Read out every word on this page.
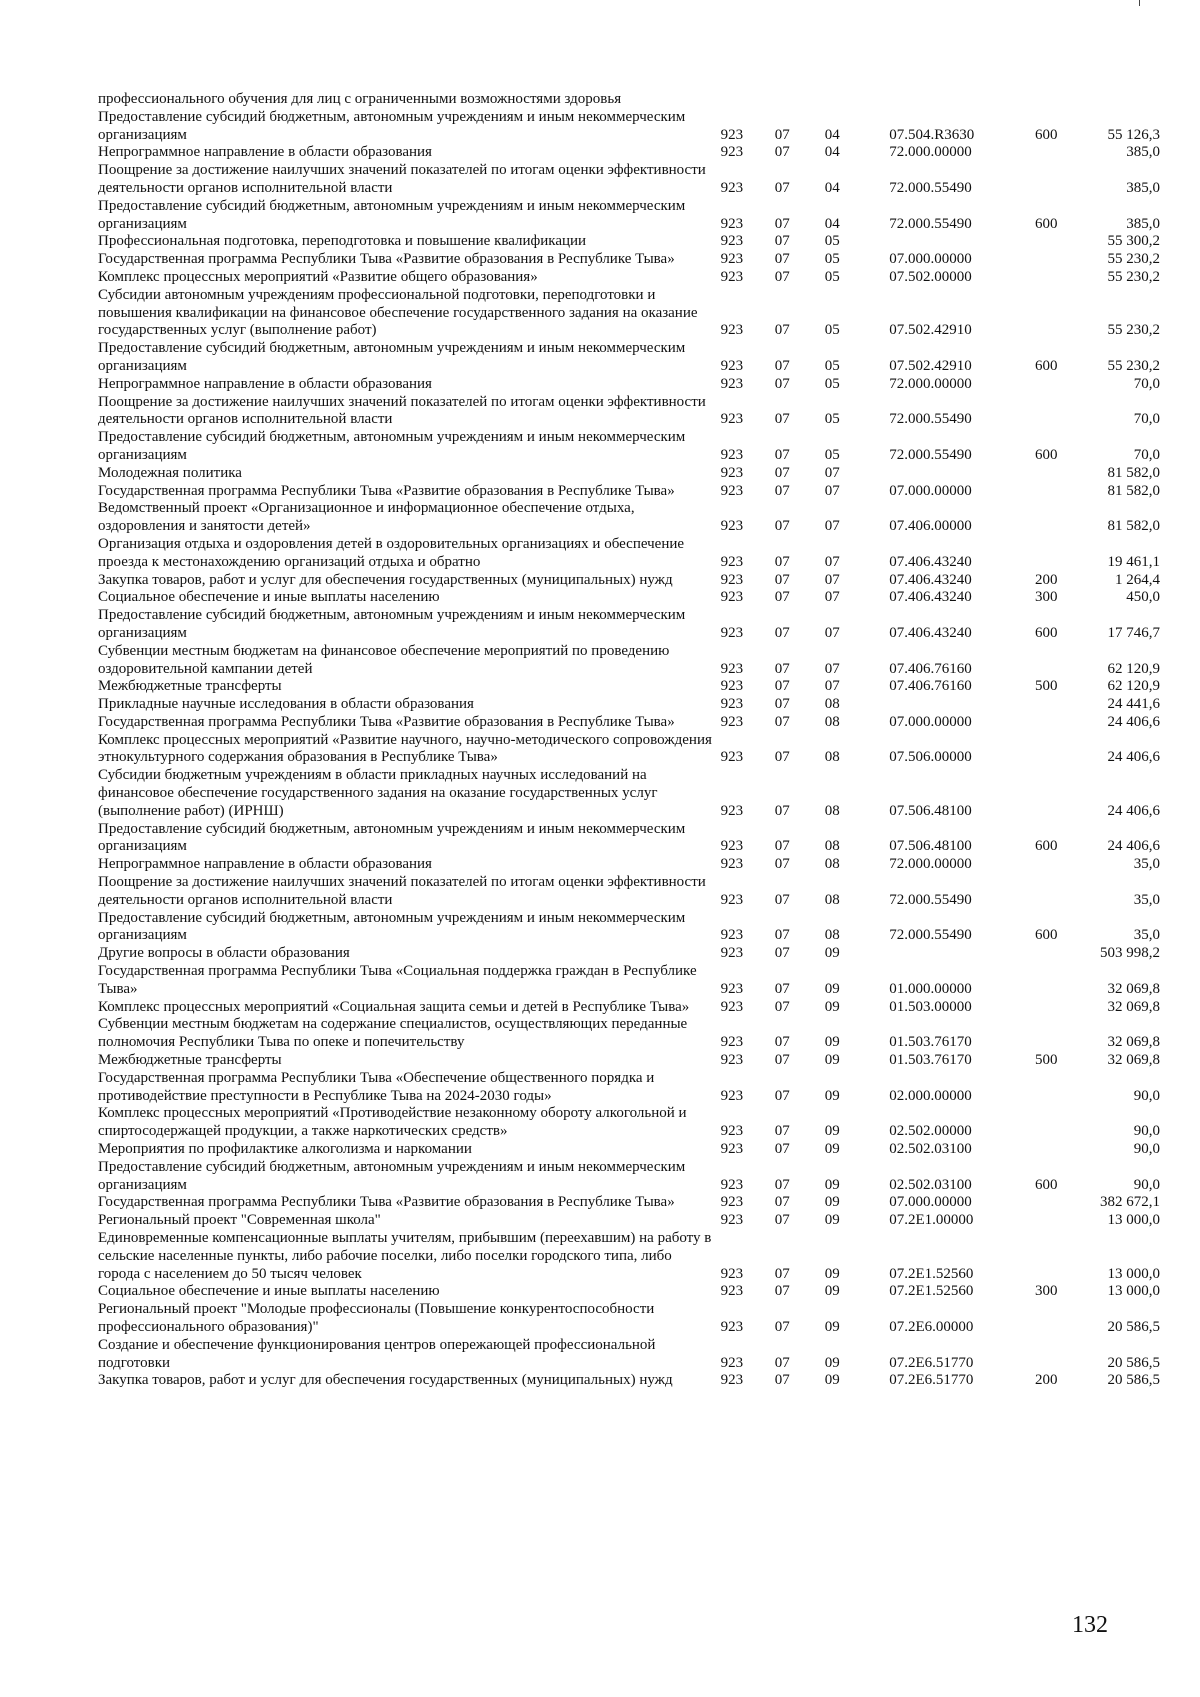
профессионального обучения для лиц с ограниченными возможностями здоровья						
Предоставление субсидий бюджетным, автономным учреждениям и иным некоммерческим организациям	923	07	04	07.504.R3630	600	55 126,3
Непрограммное направление в области образования	923	07	04	72.000.00000		385,0
Поощрение за достижение наилучших значений показателей по итогам оценки эффективности деятельности органов исполнительной власти	923	07	04	72.000.55490		385,0
Предоставление субсидий бюджетным, автономным учреждениям и иным некоммерческим организациям	923	07	04	72.000.55490	600	385,0
Профессиональная подготовка, переподготовка и повышение квалификации	923	07	05			55 300,2
Государственная программа Республики Тыва «Развитие образования в Республике Тыва»	923	07	05	07.000.00000		55 230,2
Комплекс процессных мероприятий «Развитие общего образования»	923	07	05	07.502.00000		55 230,2
Субсидии автономным учреждениям профессиональной подготовки, переподготовки и повышения квалификации на финансовое обеспечение государственного задания на оказание государственных услуг (выполнение работ)	923	07	05	07.502.42910		55 230,2
Предоставление субсидий бюджетным, автономным учреждениям и иным некоммерческим организациям	923	07	05	07.502.42910	600	55 230,2
Непрограммное направление в области образования	923	07	05	72.000.00000		70,0
Поощрение за достижение наилучших значений показателей по итогам оценки эффективности деятельности органов исполнительной власти	923	07	05	72.000.55490		70,0
Предоставление субсидий бюджетным, автономным учреждениям и иным некоммерческим организациям	923	07	05	72.000.55490	600	70,0
Молодежная политика	923	07	07			81 582,0
Государственная программа Республики Тыва «Развитие образования в Республике Тыва»	923	07	07	07.000.00000		81 582,0
Ведомственный проект «Организационное и информационное обеспечение отдыха, оздоровления и занятости детей»	923	07	07	07.406.00000		81 582,0
Организация отдыха и оздоровления детей в оздоровительных организациях и обеспечение проезда к местонахождению организаций отдыха и обратно	923	07	07	07.406.43240		19 461,1
Закупка товаров, работ и услуг для обеспечения государственных (муниципальных) нужд	923	07	07	07.406.43240	200	1 264,4
Социальное обеспечение и иные выплаты населению	923	07	07	07.406.43240	300	450,0
Предоставление субсидий бюджетным, автономным учреждениям и иным некоммерческим организациям	923	07	07	07.406.43240	600	17 746,7
Субвенции местным бюджетам на финансовое обеспечение мероприятий по проведению оздоровительной кампании детей	923	07	07	07.406.76160		62 120,9
Межбюджетные трансферты	923	07	07	07.406.76160	500	62 120,9
Прикладные научные исследования в области образования	923	07	08			24 441,6
Государственная программа Республики Тыва «Развитие образования в Республике Тыва»	923	07	08	07.000.00000		24 406,6
Комплекс процессных мероприятий «Развитие научного, научно-методического сопровождения этнокультурного содержания образования в Республике Тыва»	923	07	08	07.506.00000		24 406,6
Субсидии бюджетным учреждениям в области прикладных научных исследований на финансовое обеспечение государственного задания на оказание государственных услуг (выполнение работ) (ИРНШ)	923	07	08	07.506.48100		24 406,6
Предоставление субсидий бюджетным, автономным учреждениям и иным некоммерческим организациям	923	07	08	07.506.48100	600	24 406,6
Непрограммное направление в области образования	923	07	08	72.000.00000		35,0
Поощрение за достижение наилучших значений показателей по итогам оценки эффективности деятельности органов исполнительной власти	923	07	08	72.000.55490		35,0
Предоставление субсидий бюджетным, автономным учреждениям и иным некоммерческим организациям	923	07	08	72.000.55490	600	35,0
Другие вопросы в области образования	923	07	09			503 998,2
Государственная программа Республики Тыва «Социальная поддержка граждан в Республике Тыва»	923	07	09	01.000.00000		32 069,8
Комплекс процессных мероприятий «Социальная защита семьи и детей в Республике Тыва»	923	07	09	01.503.00000		32 069,8
Субвенции местным бюджетам на содержание специалистов, осуществляющих переданные полномочия Республики Тыва по опеке и попечительству	923	07	09	01.503.76170		32 069,8
Межбюджетные трансферты	923	07	09	01.503.76170	500	32 069,8
Государственная программа Республики Тыва «Обеспечение общественного порядка и противодействие преступности в Республике Тыва на 2024-2030 годы»	923	07	09	02.000.00000		90,0
Комплекс процессных мероприятий «Противодействие незаконному обороту алкогольной и спиртосодержащей продукции, а также наркотических средств»	923	07	09	02.502.00000		90,0
Мероприятия по профилактике алкоголизма и наркомании	923	07	09	02.502.03100		90,0
Предоставление субсидий бюджетным, автономным учреждениям и иным некоммерческим организациям	923	07	09	02.502.03100	600	90,0
Государственная программа Республики Тыва «Развитие образования в Республике Тыва»	923	07	09	07.000.00000		382 672,1
Региональный проект "Современная школа"	923	07	09	07.2E1.00000		13 000,0
Единовременные компенсационные выплаты учителям, прибывшим (переехавшим) на работу в сельские населенные пункты, либо рабочие поселки, либо поселки городского типа, либо города с населением до 50 тысяч человек	923	07	09	07.2E1.52560		13 000,0
Социальное обеспечение и иные выплаты населению	923	07	09	07.2E1.52560	300	13 000,0
Региональный проект "Молодые профессионалы (Повышение конкурентоспособности профессионального образования)"	923	07	09	07.2E6.00000		20 586,5
Создание и обеспечение функционирования центров опережающей профессиональной подготовки	923	07	09	07.2E6.51770		20 586,5
Закупка товаров, работ и услуг для обеспечения государственных (муниципальных) нужд	923	07	09	07.2E6.51770	200	20 586,5
132
